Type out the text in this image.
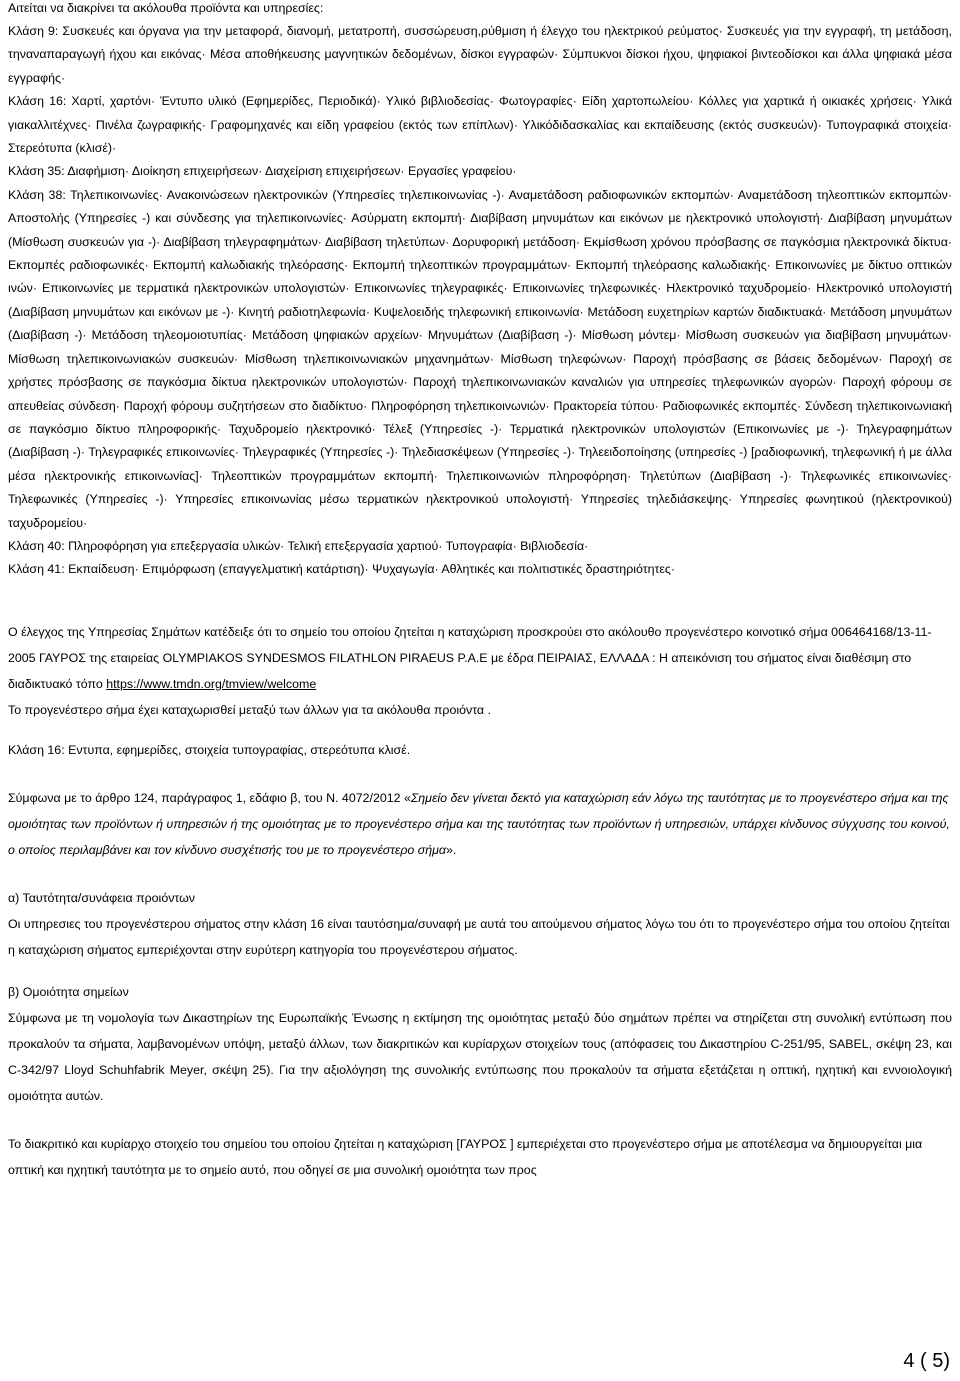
Αιτείται να διακρίνει τα ακόλουθα προϊόντα και υπηρεσίες:

Κλάση 9: Συσκευές και όργανα για την μεταφορά, διανομή, μετατροπή, συσσώρευση,ρύθμιση ή έλεγχο του ηλεκτρικού ρεύματος· Συσκευές για την εγγραφή, τη μετάδοση, τηναναπαραγωγή ήχου και εικόνας· Μέσα αποθήκευσης μαγνητικών δεδομένων, δίσκοι εγγραφών· Σύμπυκνοι δίσκοι ήχου, ψηφιακοί βιντεοδίσκοι και άλλα ψηφιακά μέσα εγγραφής·

Κλάση 16: Χαρτί, χαρτόνι· Έντυπο υλικό (Εφημερίδες, Περιοδικά)· Υλικό βιβλιοδεσίας· Φωτογραφίες· Είδη χαρτοπωλείου· Κόλλες για χαρτικά ή οικιακές χρήσεις· Υλικά γιακαλλιτέχνες· Πινέλα ζωγραφικής· Γραφομηχανές και είδη γραφείου (εκτός των επίπλων)· Υλικόδιδασκαλίας και εκπαίδευσης (εκτός συσκευών)· Τυπογραφικά στοιχεία· Στερεότυπα (κλισέ)·

Κλάση 35: Διαφήμιση· Διοίκηση επιχειρήσεων· Διαχείριση επιχειρήσεων· Εργασίες γραφείου·

Κλάση 38: Τηλεπικοινωνίες· Ανακοινώσεων ηλεκτρονικών (Υπηρεσίες τηλεπικοινωνίας -)· Αναμετάδοση ραδιοφωνικών εκπομπών· Αναμετάδοση τηλεοπτικών εκπομπών· Αποστολής (Υπηρεσίες -) και σύνδεσης για τηλεπικοινωνίες· Ασύρματη εκπομπή· Διαβίβαση μηνυμάτων και εικόνων με ηλεκτρονικό υπολογιστή· Διαβίβαση μηνυμάτων (Μίσθωση συσκευών για -)· Διαβίβαση τηλεγραφημάτων· Διαβίβαση τηλετύπων· Δορυφορική μετάδοση· Εκμίσθωση χρόνου πρόσβασης σε παγκόσμια ηλεκτρονικά δίκτυα· Εκπομπές ραδιοφωνικές· Εκπομπή καλωδιακής τηλεόρασης· Εκπομπή τηλεοπτικών προγραμμάτων· Εκπομπή τηλεόρασης καλωδιακής· Επικοινωνίες με δίκτυο οπτικών ινών· Επικοινωνίες με τερματικά ηλεκτρονικών υπολογιστών· Επικοινωνίες τηλεγραφικές· Επικοινωνίες τηλεφωνικές· Ηλεκτρονικό ταχυδρομείο· Ηλεκτρονικό υπολογιστή (Διαβίβαση μηνυμάτων και εικόνων με -)· Κινητή ραδιοτηλεφωνία· Κυψελοειδής τηλεφωνική επικοινωνία· Μετάδοση ευχετηρίων καρτών διαδικτυακά· Μετάδοση μηνυμάτων (Διαβίβαση -)· Μετάδοση τηλεομοιοτυπίας· Μετάδοση ψηφιακών αρχείων· Μηνυμάτων (Διαβίβαση -)· Μίσθωση μόντεμ· Μίσθωση συσκευών για διαβίβαση μηνυμάτων· Μίσθωση τηλεπικοινωνιακών συσκευών· Μίσθωση τηλεπικοινωνιακών μηχανημάτων· Μίσθωση τηλεφώνων· Παροχή πρόσβασης σε βάσεις δεδομένων· Παροχή σε χρήστες πρόσβασης σε παγκόσμια δίκτυα ηλεκτρονικών υπολογιστών· Παροχή τηλεπικοινωνιακών καναλιών για υπηρεσίες τηλεφωνικών αγορών· Παροχή φόρουμ σε απευθείας σύνδεση· Παροχή φόρουμ συζητήσεων στο διαδίκτυο· Πληροφόρηση τηλεπικοινωνιών· Πρακτορεία τύπου· Ραδιοφωνικές εκπομπές· Σύνδεση τηλεπικοινωνιακή σε παγκόσμιο δίκτυο πληροφορικής· Ταχυδρομείο ηλεκτρονικό· Τέλεξ (Υπηρεσίες -)· Τερματικά ηλεκτρονικών υπολογιστών (Επικοινωνίες με -)· Τηλεγραφημάτων (Διαβίβαση -)· Τηλεγραφικές επικοινωνίες· Τηλεγραφικές (Υπηρεσίες -)· Τηλεδιασκέψεων (Υπηρεσίες -)· Τηλεειδοποίησης (υπηρεσίες -) [ραδιοφωνική, τηλεφωνική ή με άλλα μέσα ηλεκτρονικής επικοινωνίας]· Τηλεοπτικών προγραμμάτων εκπομπή· Τηλεπικοινωνιών πληροφόρηση· Τηλετύπων (Διαβίβαση -)· Τηλεφωνικές επικοινωνίες· Τηλεφωνικές (Υπηρεσίες -)· Υπηρεσίες επικοινωνίας μέσω τερματικών ηλεκτρονικού υπολογιστή· Υπηρεσίες τηλεδιάσκεψης· Υπηρεσίες φωνητικού (ηλεκτρονικού) ταχυδρομείου·

Κλάση 40: Πληροφόρηση για επεξεργασία υλικών· Τελική επεξεργασία χαρτιού· Τυπογραφία· Βιβλιοδεσία·

Κλάση 41: Εκπαίδευση· Επιμόρφωση (επαγγελματική κατάρτιση)· Ψυχαγωγία· Αθλητικές και πολιτιστικές δραστηριότητες·

Ο έλεγχος της Υπηρεσίας Σημάτων κατέδειξε ότι το σημείο του οποίου ζητείται η καταχώριση προσκρούει στο ακόλουθο προγενέστερο κοινοτικό σήμα 006464168/13-11-2005 ΓΑΥΡΟΣ της εταιρείας OLYMPIAKOS SYNDESMOS FILATHLON PIRAEUS P.A.E με έδρα ΠΕΙΡΑΙΑΣ, ΕΛΛΑΔΑ : Η απεικόνιση του σήματος είναι διαθέσιμη στο διαδικτυακό τόπο https://www.tmdn.org/tmview/welcome

Το προγενέστερο σήμα έχει καταχωρισθεί μεταξύ των άλλων για τα ακόλουθα προιόντα .

Κλάση 16: Εντυπα, εφημερίδες, στοιχεία τυπογραφίας, στερεότυπα κλισέ.

Σύμφωνα με το άρθρο 124, παράγραφος 1, εδάφιο β, του Ν. 4072/2012 «Σημείο δεν γίνεται δεκτό για καταχώριση εάν λόγω της ταυτότητας με το προγενέστερο σήμα και της ομοιότητας των προϊόντων ή υπηρεσιών ή της ομοιότητας με το προγενέστερο σήμα και της ταυτότητας των προϊόντων ή υπηρεσιών, υπάρχει κίνδυνος σύγχυσης του κοινού, ο οποίος περιλαμβάνει και τον κίνδυνο συσχέτισής του με το προγενέστερο σήμα».

α) Ταυτότητα/συνάφεια προιόντων

Οι υπηρεσιες του προγενέστερου σήματος στην κλάση 16 είναι ταυτόσημα/συναφή με αυτά του αιτούμενου σήματος λόγω του ότι το προγενέστερο σήμα του οποίου ζητείται η καταχώριση σήματος εμπεριέχονται στην ευρύτερη κατηγορία του προγενέστερου σήματος.

β) Ομοιότητα σημείων

Σύμφωνα με τη νομολογία των Δικαστηρίων της Ευρωπαϊκής Ένωσης η εκτίμηση της ομοιότητας μεταξύ δύο σημάτων πρέπει να στηρίζεται στη συνολική εντύπωση που προκαλούν τα σήματα, λαμβανομένων υπόψη, μεταξύ άλλων, των διακριτικών και κυρίαρχων στοιχείων τους (απόφασεις του Δικαστηρίου C-251/95, SABEL, σκέψη 23, και C-342/97 Lloyd Schuhfabrik Meyer, σκέψη 25). Για την αξιολόγηση της συνολικής εντύπωσης που προκαλούν τα σήματα εξετάζεται η οπτική, ηχητική και εννοιολογική ομοιότητα αυτών.

Το διακριτικό και κυρίαρχο στοιχείο του σημείου του οποίου ζητείται η καταχώριση [ΓΑΥΡΟΣ ] εμπεριέχεται στο προγενέστερο σήμα με αποτέλεσμα να δημιουργείται μια οπτική και ηχητική ταυτότητα με το σημείο αυτό, που οδηγεί σε μια συνολική ομοιότητα των προς

4 ( 5)
